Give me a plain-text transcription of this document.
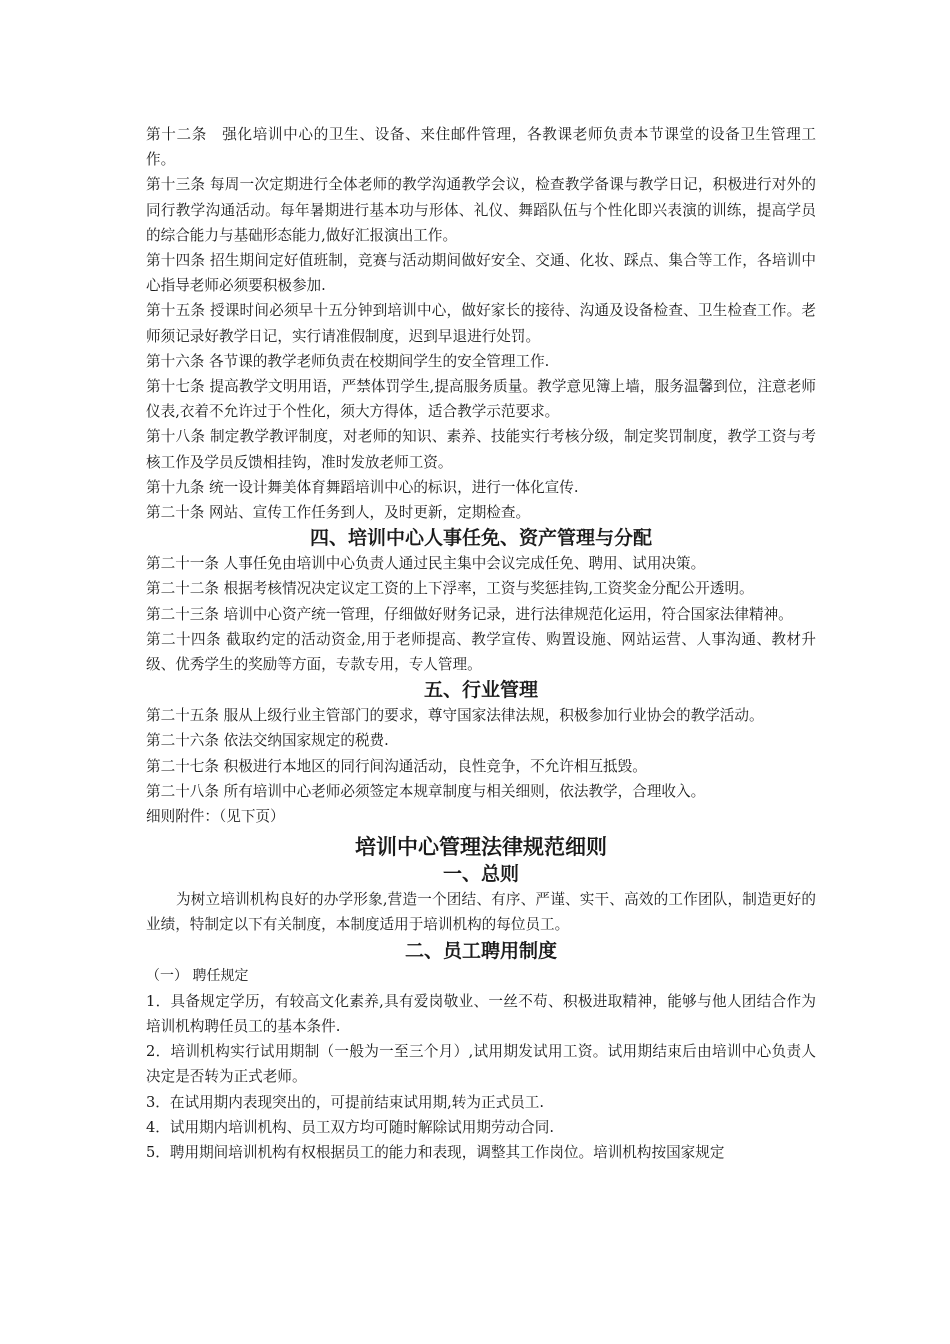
第十二条　强化培训中心的卫生、设备、来住邮件管理，各教课老师负责本节课堂的设备卫生管理工作。

第十三条 每周一次定期进行全体老师的教学沟通教学会议，检查教学备课与教学日记，积极进行对外的同行教学沟通活动。每年暑期进行基本功与形体、礼仪、舞蹈队伍与个性化即兴表演的训练，提高学员的综合能力与基础形态能力,做好汇报演出工作。

第十四条 招生期间定好值班制，竞赛与活动期间做好安全、交通、化妆、踩点、集合等工作，各培训中心指导老师必须要积极参加.

第十五条 授课时间必须早十五分钟到培训中心，做好家长的接待、沟通及设备检查、卫生检查工作。老师须记录好教学日记，实行请准假制度，迟到早退进行处罚。

第十六条 各节课的教学老师负责在校期间学生的安全管理工作.

第十七条 提高教学文明用语，严禁体罚学生,提高服务质量。教学意见簿上墙，服务温馨到位，注意老师仪表,衣着不允许过于个性化，须大方得体，适合教学示范要求。

第十八条 制定教学教评制度，对老师的知识、素养、技能实行考核分级，制定奖罚制度，教学工资与考核工作及学员反馈相挂钩，准时发放老师工资。

第十九条 统一设计舞美体育舞蹈培训中心的标识，进行一体化宣传.

第二十条 网站、宣传工作任务到人，及时更新，定期检查。

四、培训中心人事任免、资产管理与分配

第二十一条 人事任免由培训中心负责人通过民主集中会议完成任免、聘用、试用决策。

第二十二条 根据考核情况决定议定工资的上下浮率，工资与奖惩挂钩,工资奖金分配公开透明。

第二十三条 培训中心资产统一管理，仔细做好财务记录，进行法律规范化运用，符合国家法律精神。

第二十四条 截取约定的活动资金,用于老师提高、教学宣传、购置设施、网站运营、人事沟通、教材升级、优秀学生的奖励等方面，专款专用，专人管理。

五、行业管理

第二十五条 服从上级行业主管部门的要求，尊守国家法律法规，积极参加行业协会的教学活动。

第二十六条 依法交纳国家规定的税费.

第二十七条 积极进行本地区的同行间沟通活动，良性竞争，不允许相互抵毁。

第二十八条 所有培训中心老师必须签定本规章制度与相关细则，依法教学，合理收入。

细则附件：（见下页）

培训中心管理法律规范细则
一、总则

为树立培训机构良好的办学形象,营造一个团结、有序、严谨、实干、高效的工作团队，制造更好的业绩，特制定以下有关制度，本制度适用于培训机构的每位员工。

二、员工聘用制度

（一） 聘任规定

1．具备规定学历，有较高文化素养,具有爱岗敬业、一丝不苟、积极进取精神，能够与他人团结合作为培训机构聘任员工的基本条件.

2．培训机构实行试用期制（一般为一至三个月）,试用期发试用工资。试用期结束后由培训中心负责人决定是否转为正式老师。

3．在试用期内表现突出的，可提前结束试用期,转为正式员工.

4．试用期内培训机构、员工双方均可随时解除试用期劳动合同.

5．聘用期间培训机构有权根据员工的能力和表现，调整其工作岗位。培训机构按国家规定
